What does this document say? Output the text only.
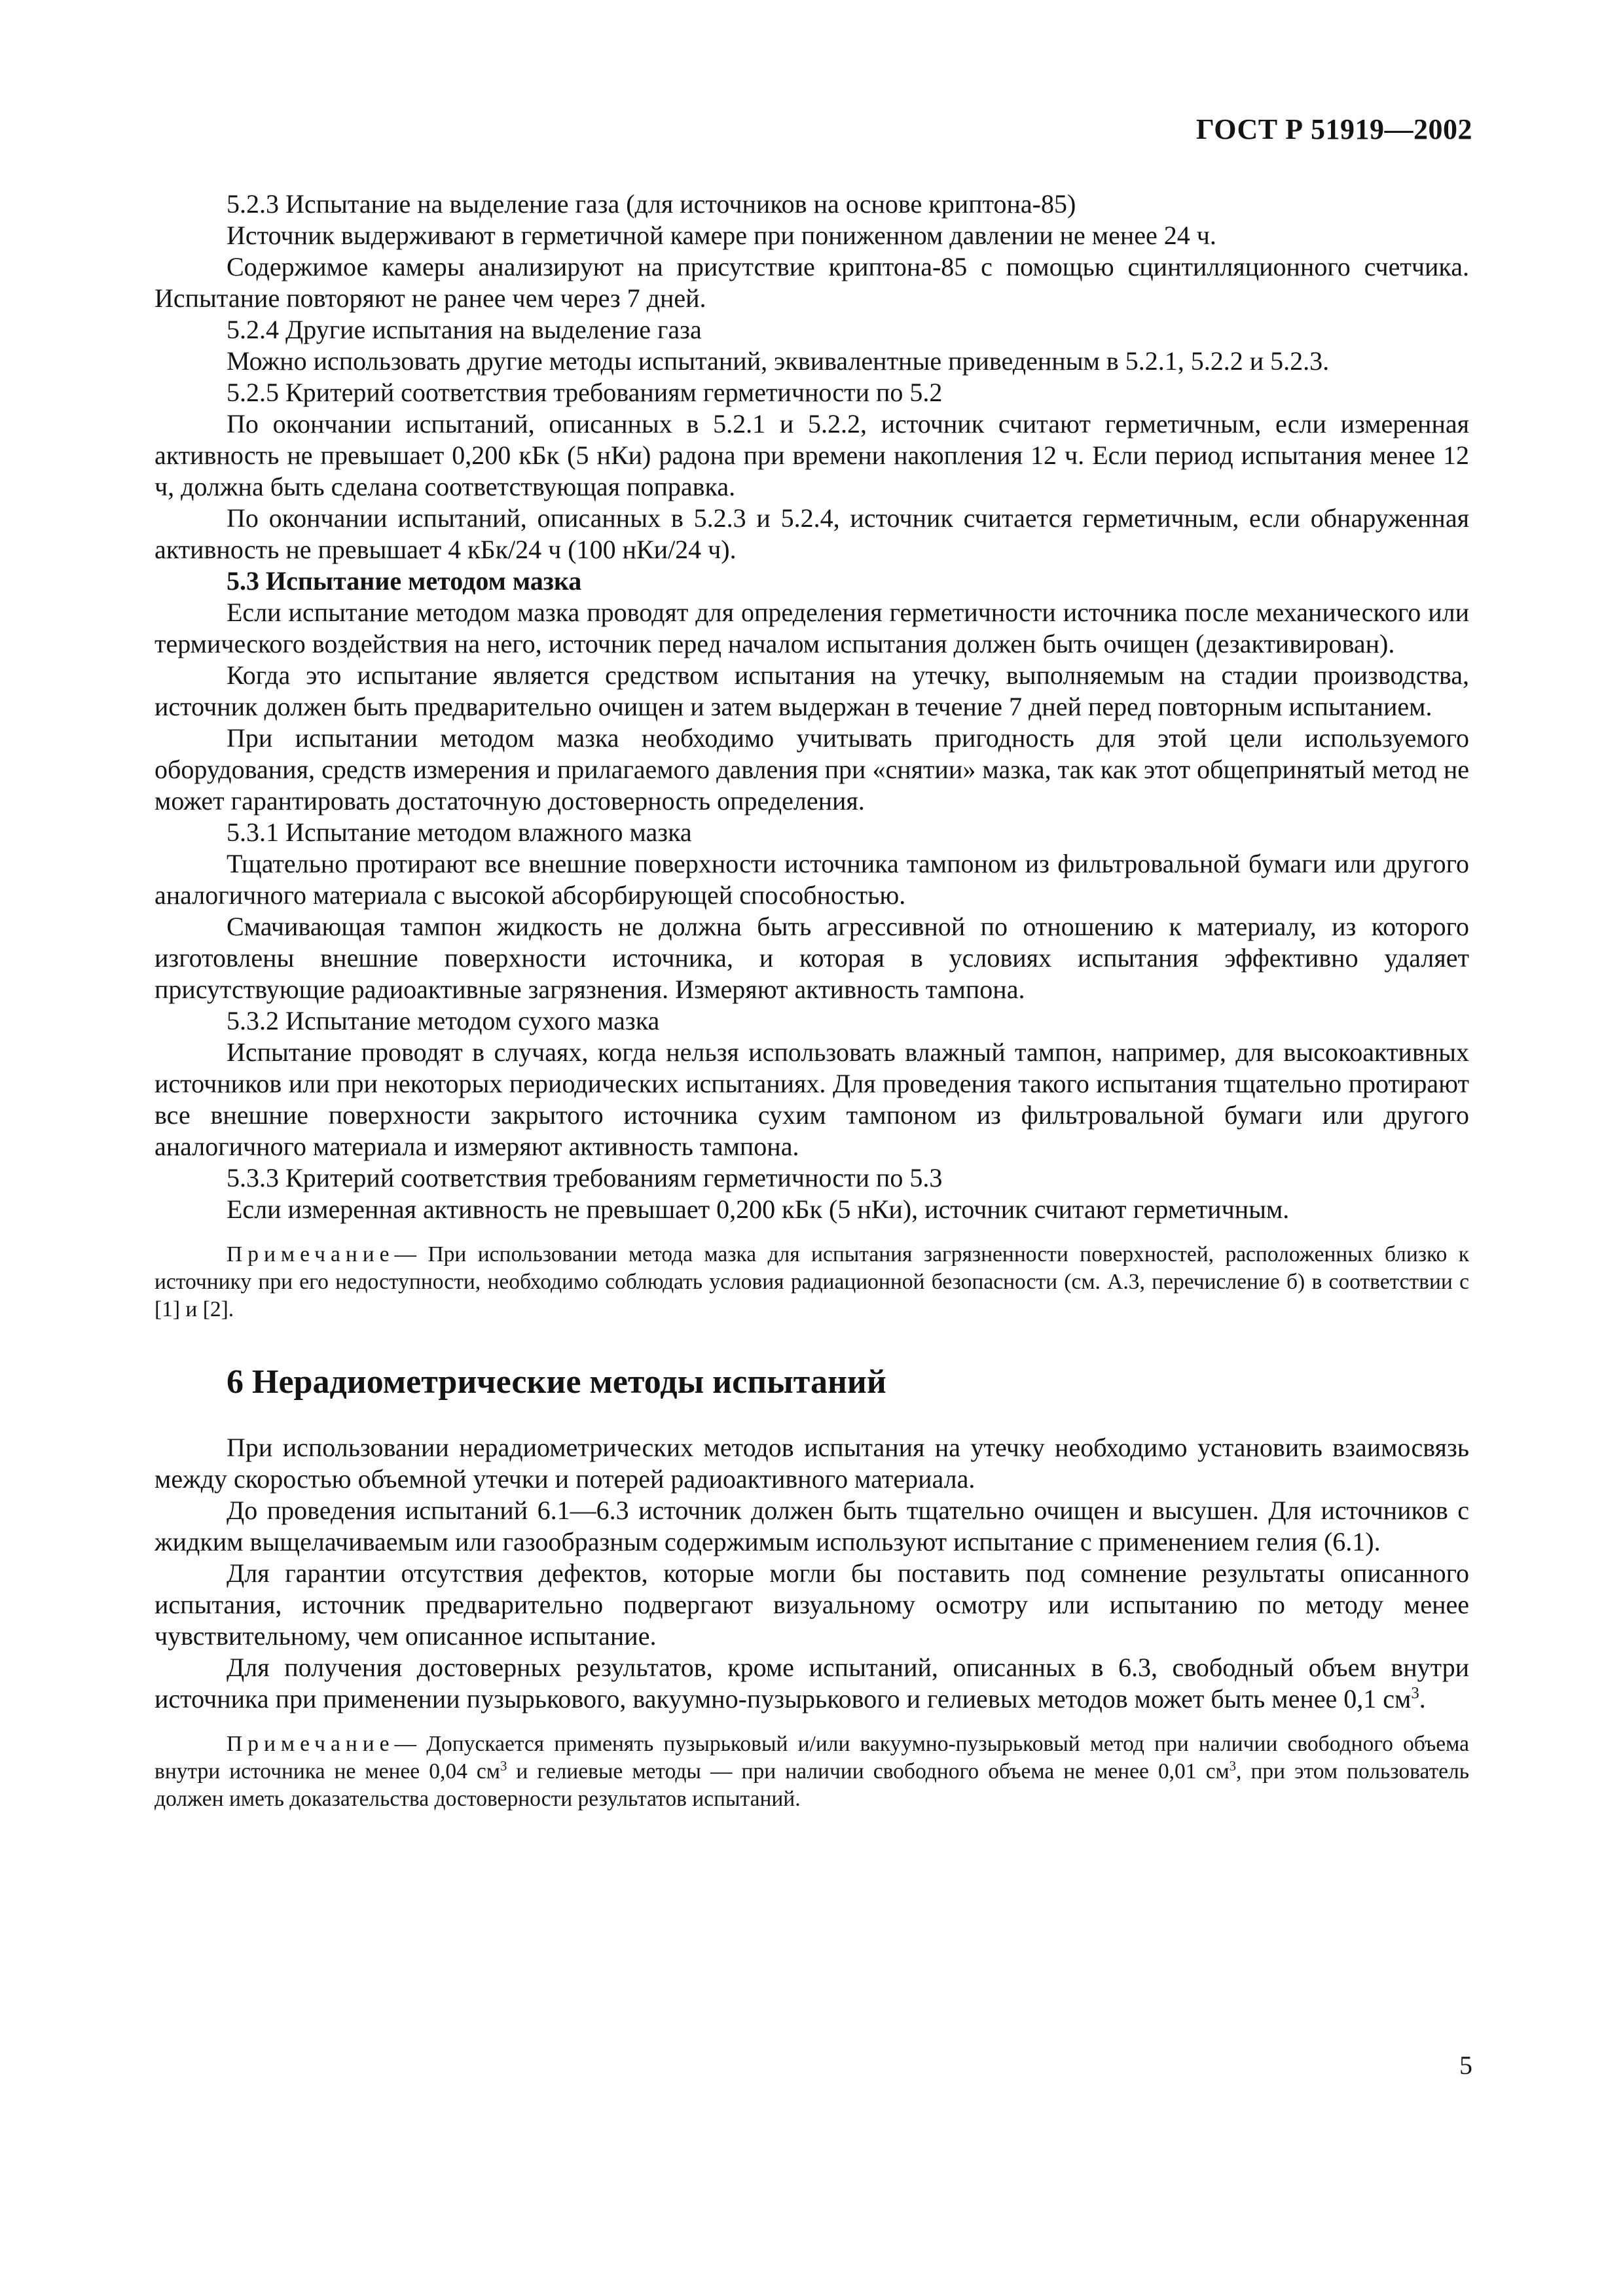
ГОСТ Р 51919—2002

5.2.3 Испытание на выделение газа (для источников на основе криптона-85)

Источник выдерживают в герметичной камере при пониженном давлении не менее 24 ч.

Содержимое камеры анализируют на присутствие криптона-85 с помощью сцинтилляционного счетчика. Испытание повторяют не ранее чем через 7 дней.

5.2.4 Другие испытания на выделение газа

Можно использовать другие методы испытаний, эквивалентные приведенным в 5.2.1, 5.2.2 и 5.2.3.

5.2.5 Критерий соответствия требованиям герметичности по 5.2

По окончании испытаний, описанных в 5.2.1 и 5.2.2, источник считают герметичным, если измеренная активность не превышает 0,200 кБк (5 нКи) радона при времени накопления 12 ч. Если период испытания менее 12 ч, должна быть сделана соответствующая поправка.

По окончании испытаний, описанных в 5.2.3 и 5.2.4, источник считается герметичным, если обнаруженная активность не превышает 4 кБк/24 ч (100 нКи/24 ч).

5.3 Испытание методом мазка

Если испытание методом мазка проводят для определения герметичности источника после механического или термического воздействия на него, источник перед началом испытания должен быть очищен (дезактивирован).

Когда это испытание является средством испытания на утечку, выполняемым на стадии производства, источник должен быть предварительно очищен и затем выдержан в течение 7 дней перед повторным испытанием.

При испытании методом мазка необходимо учитывать пригодность для этой цели используемого оборудования, средств измерения и прилагаемого давления при «снятии» мазка, так как этот общепринятый метод не может гарантировать достаточную достоверность определения.

5.3.1 Испытание методом влажного мазка

Тщательно протирают все внешние поверхности источника тампоном из фильтровальной бумаги или другого аналогичного материала с высокой абсорбирующей способностью.

Смачивающая тампон жидкость не должна быть агрессивной по отношению к материалу, из которого изготовлены внешние поверхности источника, и которая в условиях испытания эффективно удаляет присутствующие радиоактивные загрязнения. Измеряют активность тампона.

5.3.2 Испытание методом сухого мазка

Испытание проводят в случаях, когда нельзя использовать влажный тампон, например, для высокоактивных источников или при некоторых периодических испытаниях. Для проведения такого испытания тщательно протирают все внешние поверхности закрытого источника сухим тампоном из фильтровальной бумаги или другого аналогичного материала и измеряют активность тампона.

5.3.3 Критерий соответствия требованиям герметичности по 5.3

Если измеренная активность не превышает 0,200 кБк (5 нКи), источник считают герметичным.

Примечание— При использовании метода мазка для испытания загрязненности поверхностей, расположенных близко к источнику при его недоступности, необходимо соблюдать условия радиационной безопасности (см. А.3, перечисление б) в соответствии с [1] и [2].

6 Нерадиометрические методы испытаний

При использовании нерадиометрических методов испытания на утечку необходимо установить взаимосвязь между скоростью объемной утечки и потерей радиоактивного материала.

До проведения испытаний 6.1—6.3 источник должен быть тщательно очищен и высушен. Для источников с жидким выщелачиваемым или газообразным содержимым используют испытание с применением гелия (6.1).

Для гарантии отсутствия дефектов, которые могли бы поставить под сомнение результаты описанного испытания, источник предварительно подвергают визуальному осмотру или испытанию по методу менее чувствительному, чем описанное испытание.

Для получения достоверных результатов, кроме испытаний, описанных в 6.3, свободный объем внутри источника при применении пузырькового, вакуумно-пузырькового и гелиевых методов может быть менее 0,1 $см^3$.

Примечание— Допускается применять пузырьковый и/или вакуумно-пузырьковый метод при наличии свободного объема внутри источника не менее 0,04 $см^3$ и гелиевые методы — при наличии свободного объема не менее 0,01 $см^3$, при этом пользователь должен иметь доказательства достоверности результатов испытаний.

5
